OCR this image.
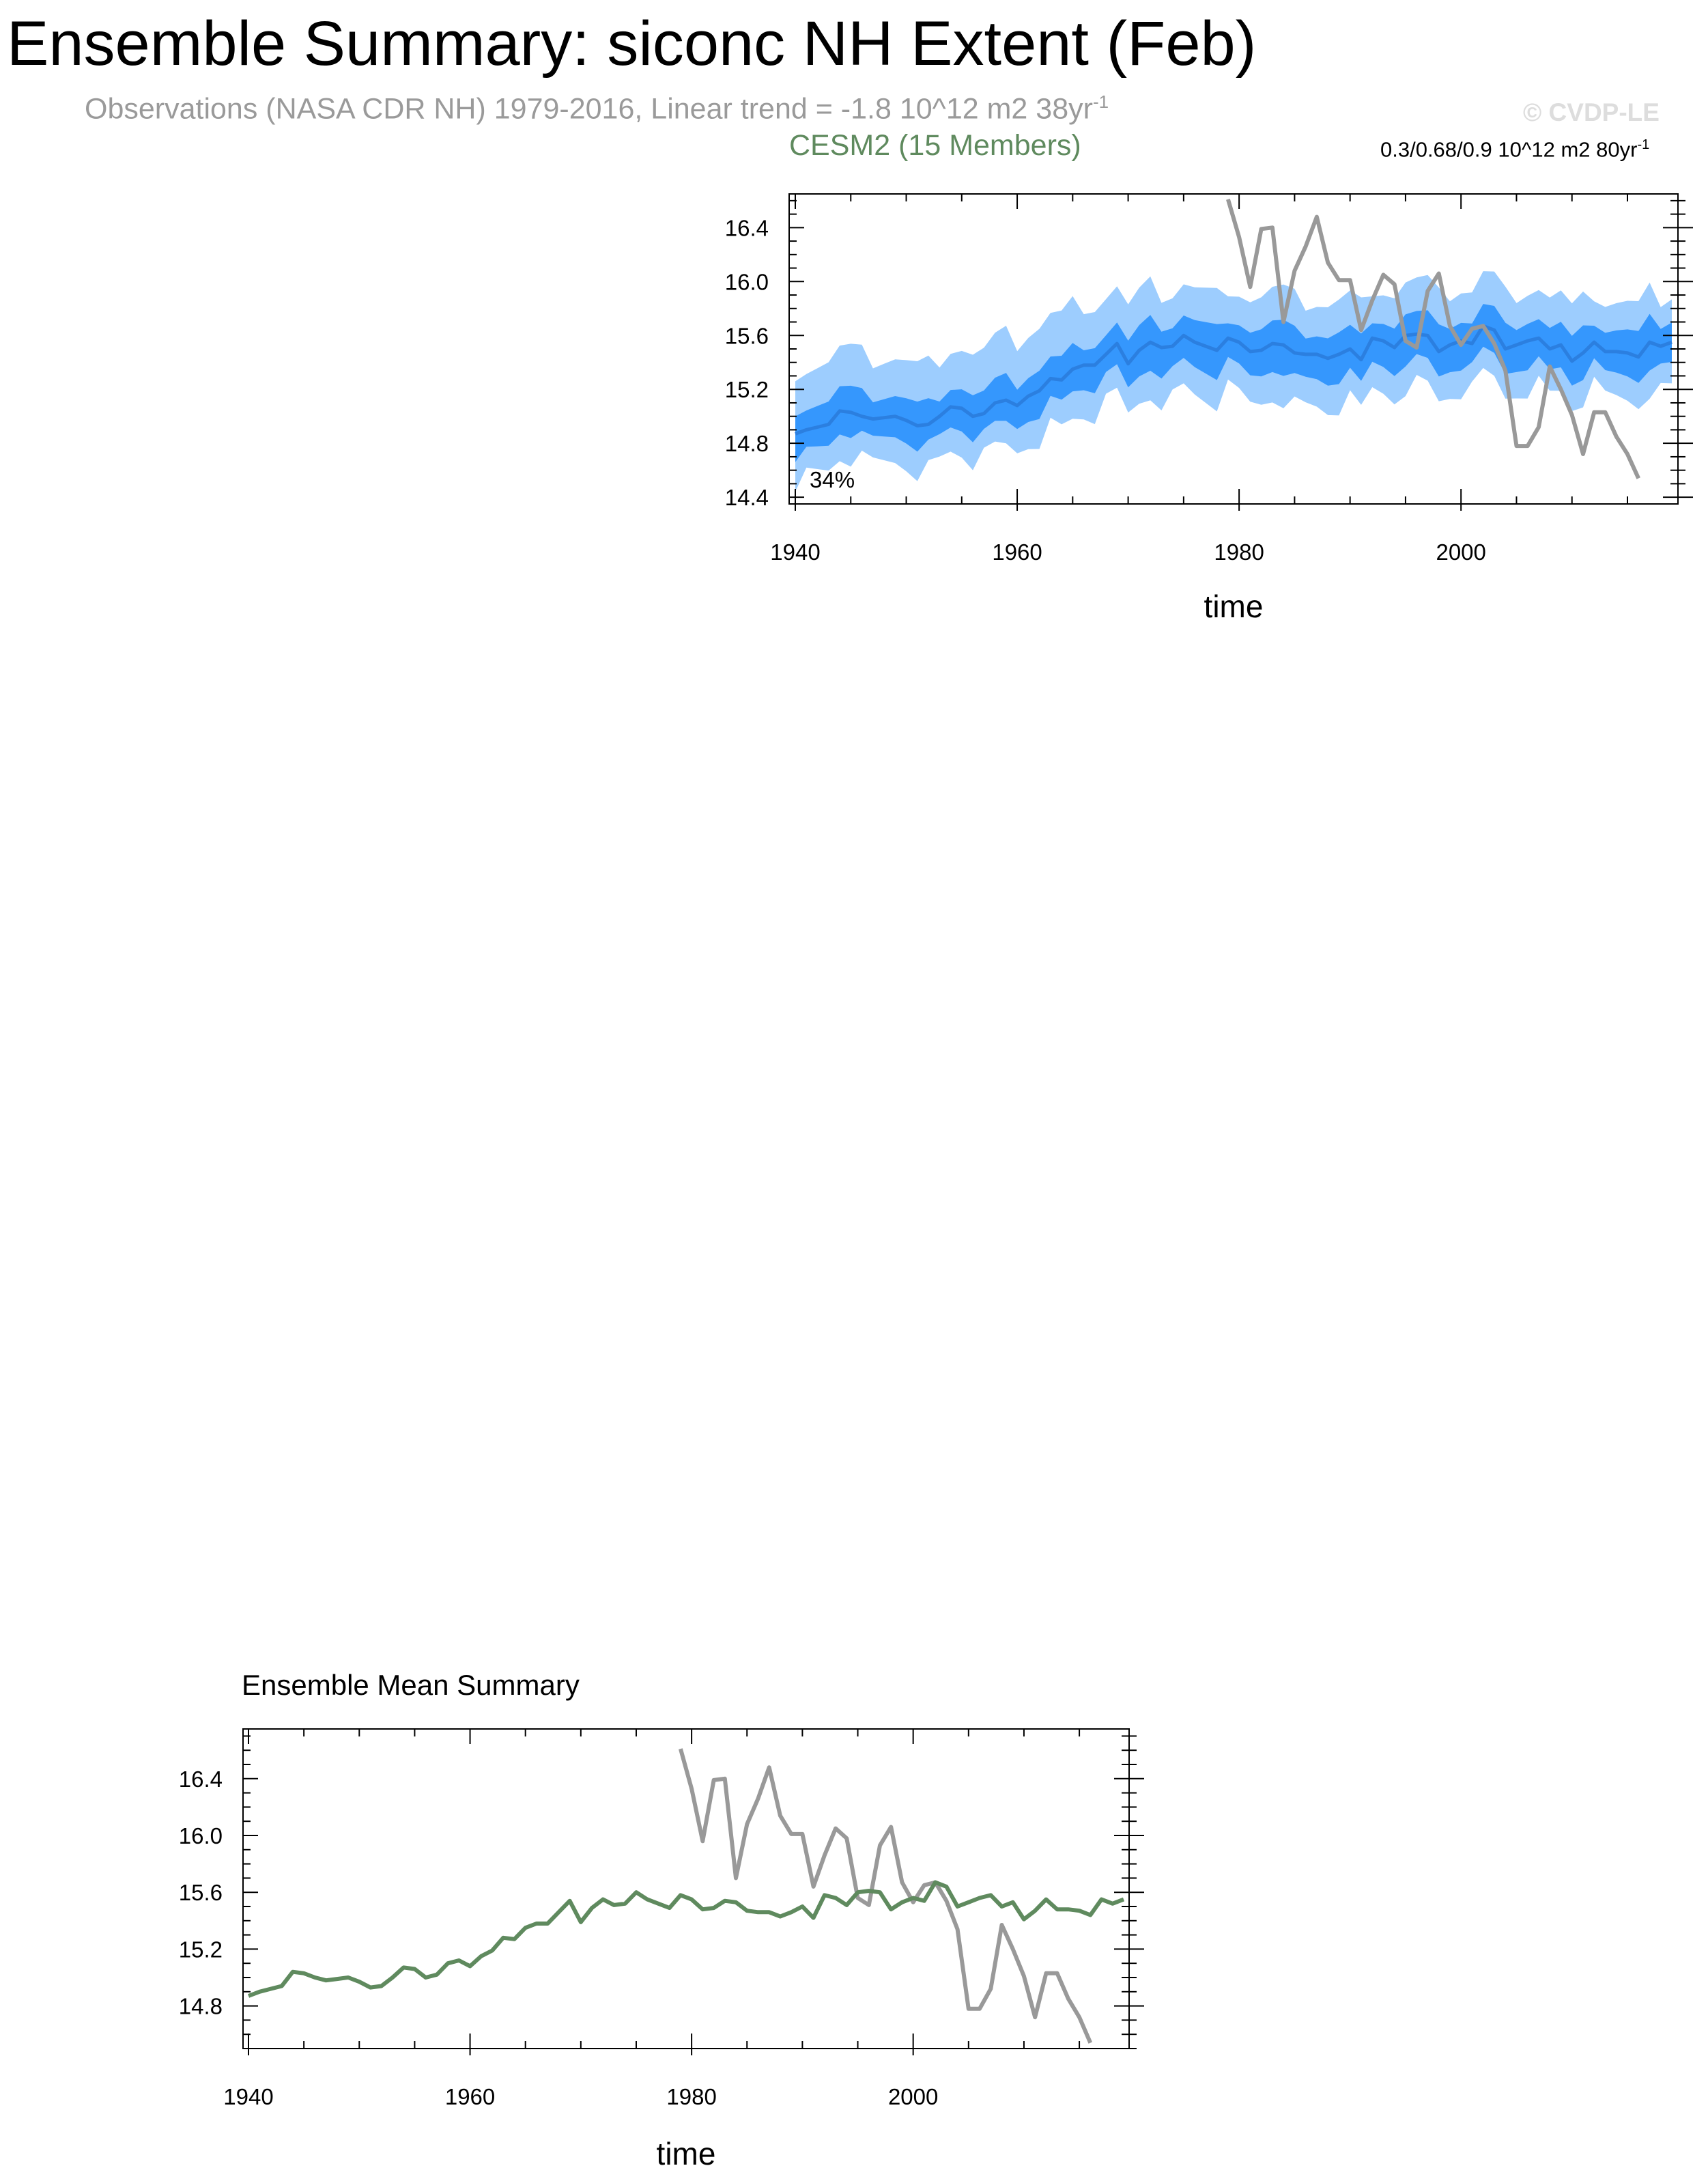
Ensemble Summary: siconc NH Extent (Feb)
Observations (NASA CDR NH) 1979-2016, Linear trend = -1.8 10^12 m2 $38yr^{-1}$	© CVDP-LE
CESM2 (15 Members)	0.3/0.68/0.9 10^12 m2 $80yr^{-1}$
Ensemble Mean Summary
1940	1960	1980	2000
14.4
14.8
15.2
15.6
16.0
16.4
time
34%
1940	1960	1980	2000
14.8
15.2
15.6
16.0
16.4
time
